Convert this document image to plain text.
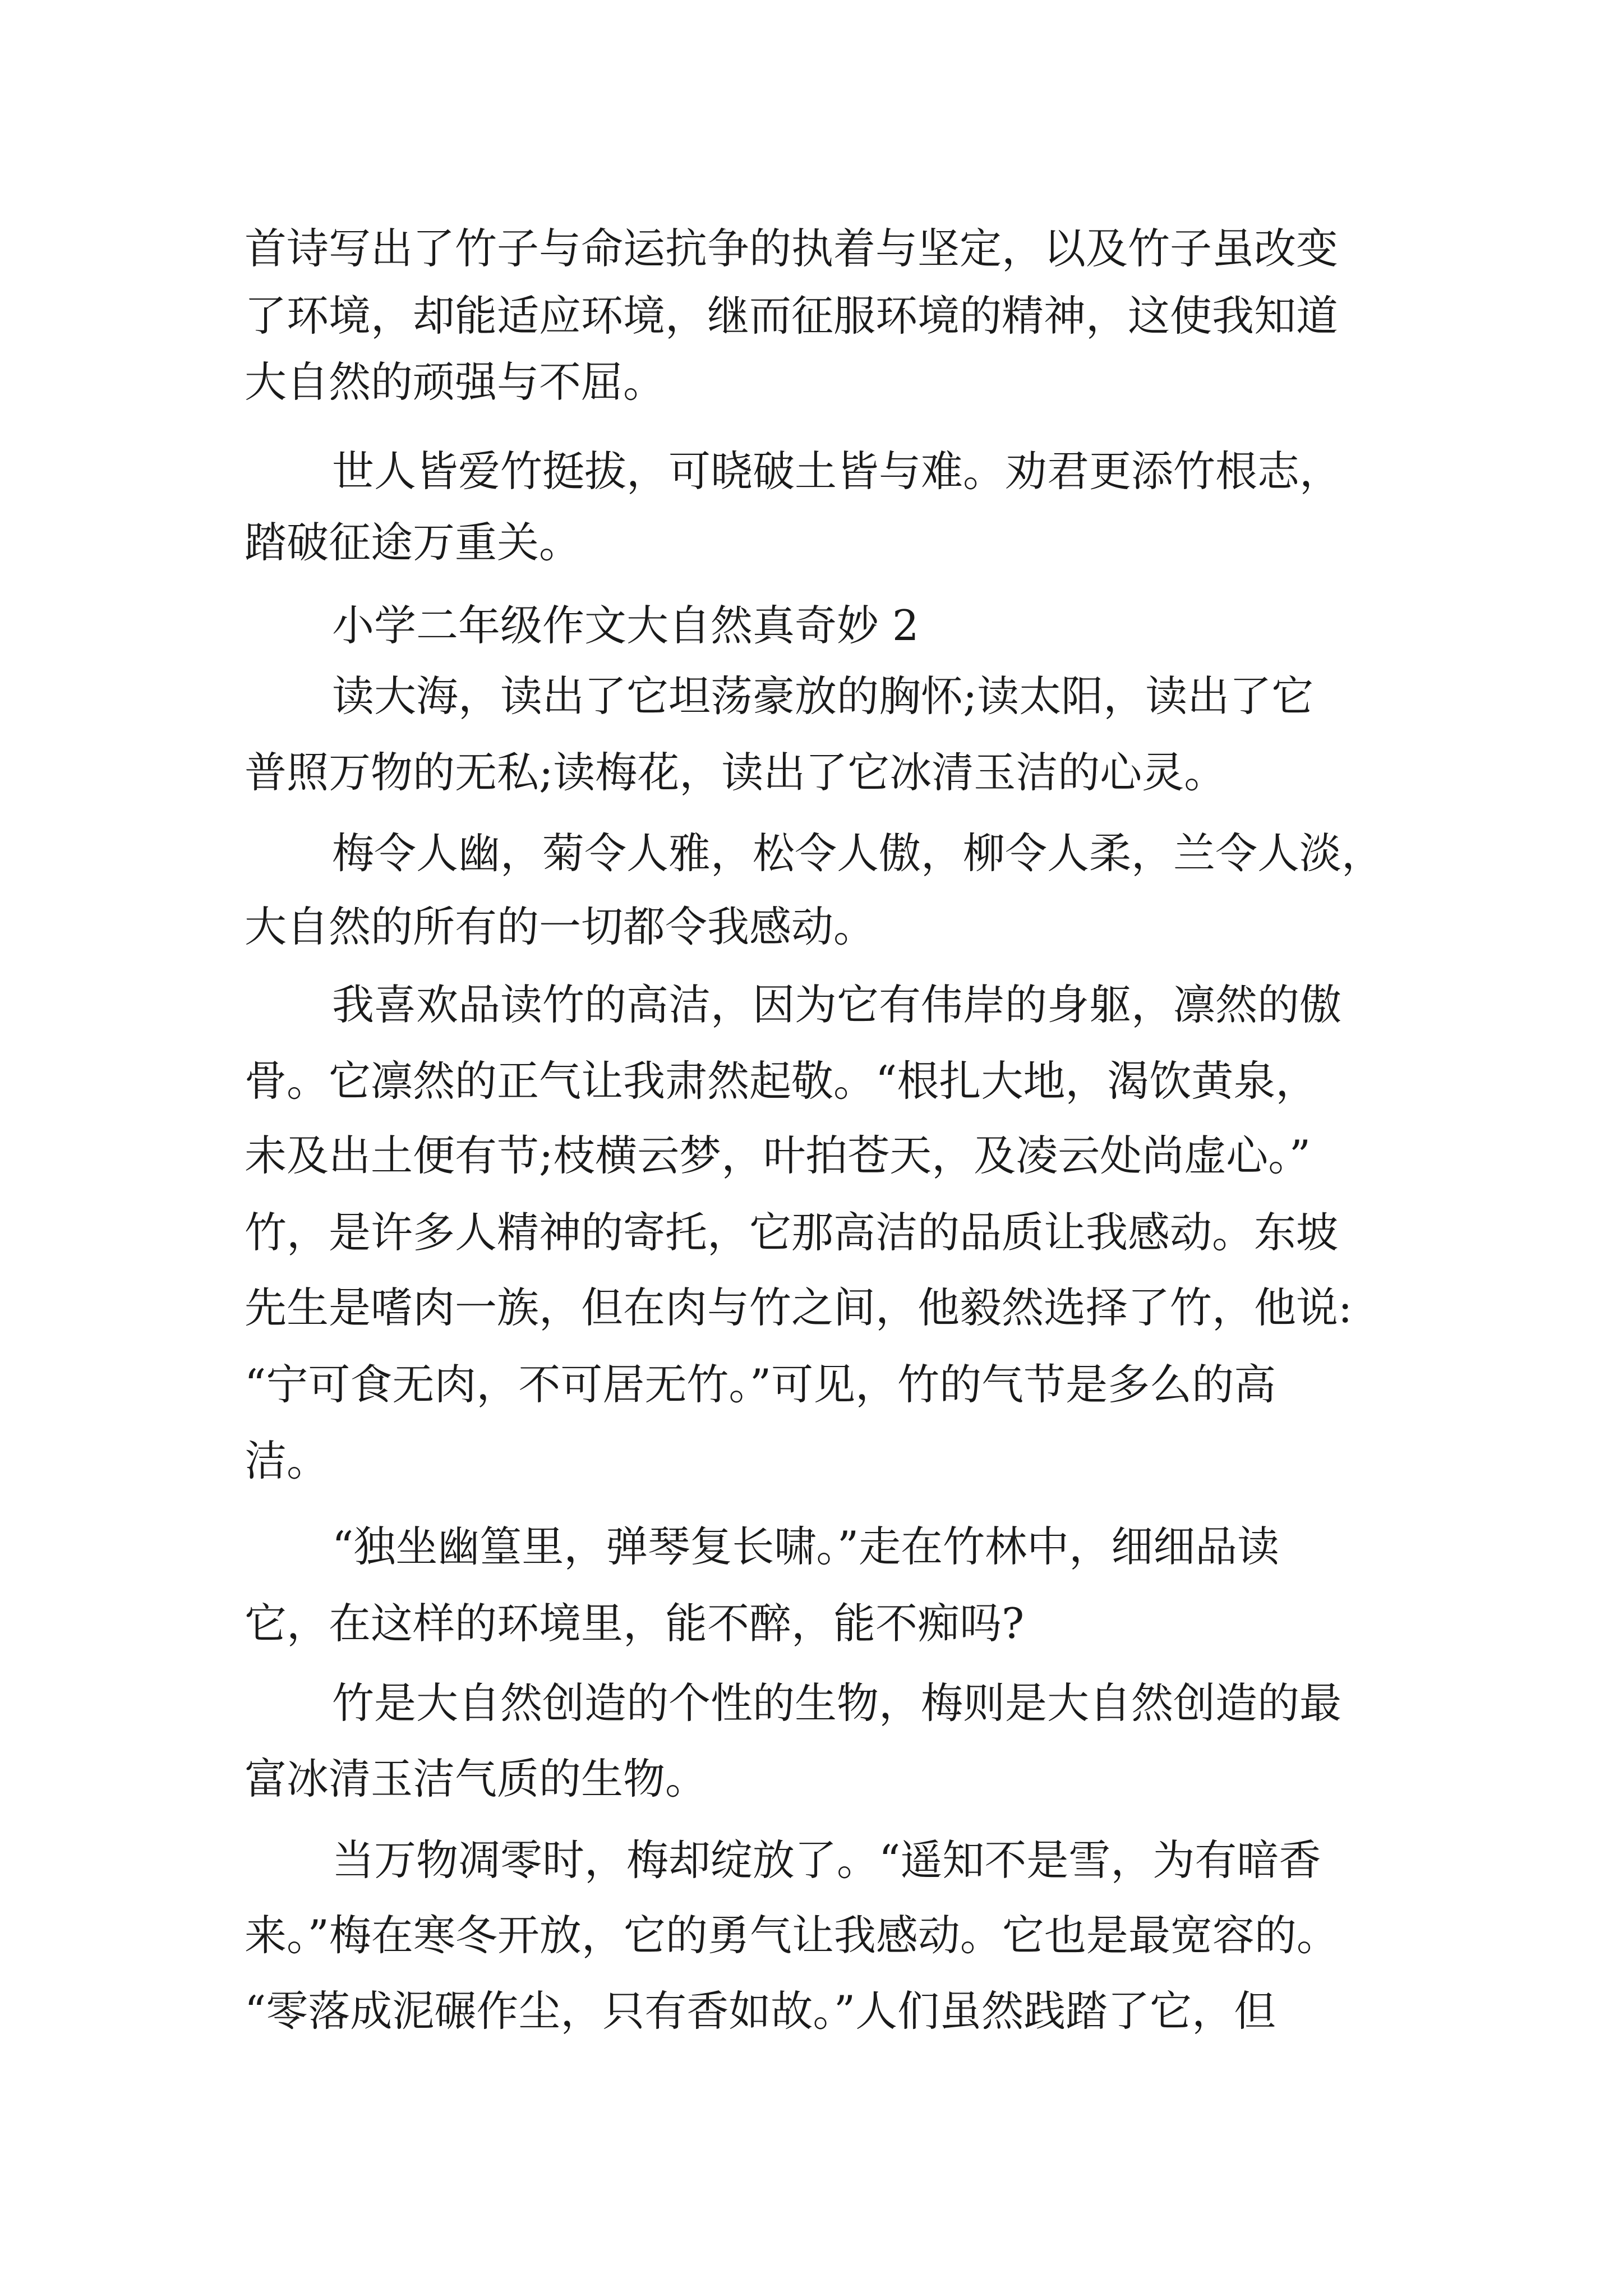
首诗写出了竹子与命运抗争的执着与坚定，以及竹子虽改变
了环境，却能适应环境，继而征服环境的精神，这使我知道
大自然的顽强与不屈。
世人皆爱竹挺拔，可晓破土皆与难。劝君更添竹根志，
踏破征途万重关。
小学二年级作文大自然真奇妙 2
读大海，读出了它坦荡豪放的胸怀;读太阳，读出了它
普照万物的无私;读梅花，读出了它冰清玉洁的心灵。
梅令人幽，菊令人雅，松令人傲，柳令人柔，兰令人淡，
大自然的所有的一切都令我感动。
我喜欢品读竹的高洁，因为它有伟岸的身躯，凛然的傲
骨。它凛然的正气让我肃然起敬。“根扎大地，渴饮黄泉，
未及出土便有节;枝横云梦，叶拍苍天，及凌云处尚虚心。”
竹，是许多人精神的寄托，它那高洁的品质让我感动。东坡
先生是嗜肉一族，但在肉与竹之间，他毅然选择了竹，他说:
“宁可食无肉，不可居无竹。”可见，竹的气节是多么的高
洁。
“独坐幽篁里，弹琴复长啸。”走在竹林中，细细品读
它，在这样的环境里，能不醉，能不痴吗?
竹是大自然创造的个性的生物，梅则是大自然创造的最
富冰清玉洁气质的生物。
当万物凋零时，梅却绽放了。“遥知不是雪，为有暗香
来。”梅在寒冬开放，它的勇气让我感动。它也是最宽容的。
“零落成泥碾作尘，只有香如故。”人们虽然践踏了它，但
